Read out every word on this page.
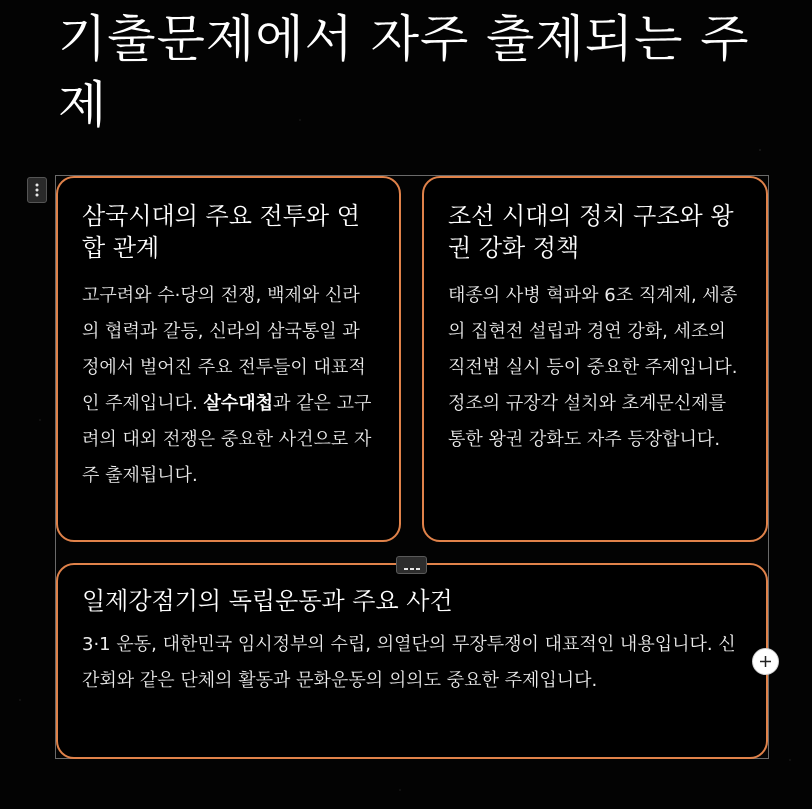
기출문제에서 자주 출제되는 주제
삼국시대의 주요 전투와 연합 관계

고구려와 수·당의 전쟁, 백제와 신라의 협력과 갈등, 신라의 삼국통일 과정에서 벌어진 주요 전투들이 대표적인 주제입니다. 살수대첩과 같은 고구려의 대외 전쟁은 중요한 사건으로 자주 출제됩니다.

조선 시대의 정치 구조와 왕권 강화 정책

태종의 사병 혁파와 6조 직계제, 세종의 집현전 설립과 경연 강화, 세조의 직전법 실시 등이 중요한 주제입니다. 정조의 규장각 설치와 초계문신제를 통한 왕권 강화도 자주 등장합니다.

일제강점기의 독립운동과 주요 사건

3·1 운동, 대한민국 임시정부의 수립, 의열단의 무장투쟁이 대표적인 내용입니다. 신간회와 같은 단체의 활동과 문화운동의 의의도 중요한 주제입니다.
